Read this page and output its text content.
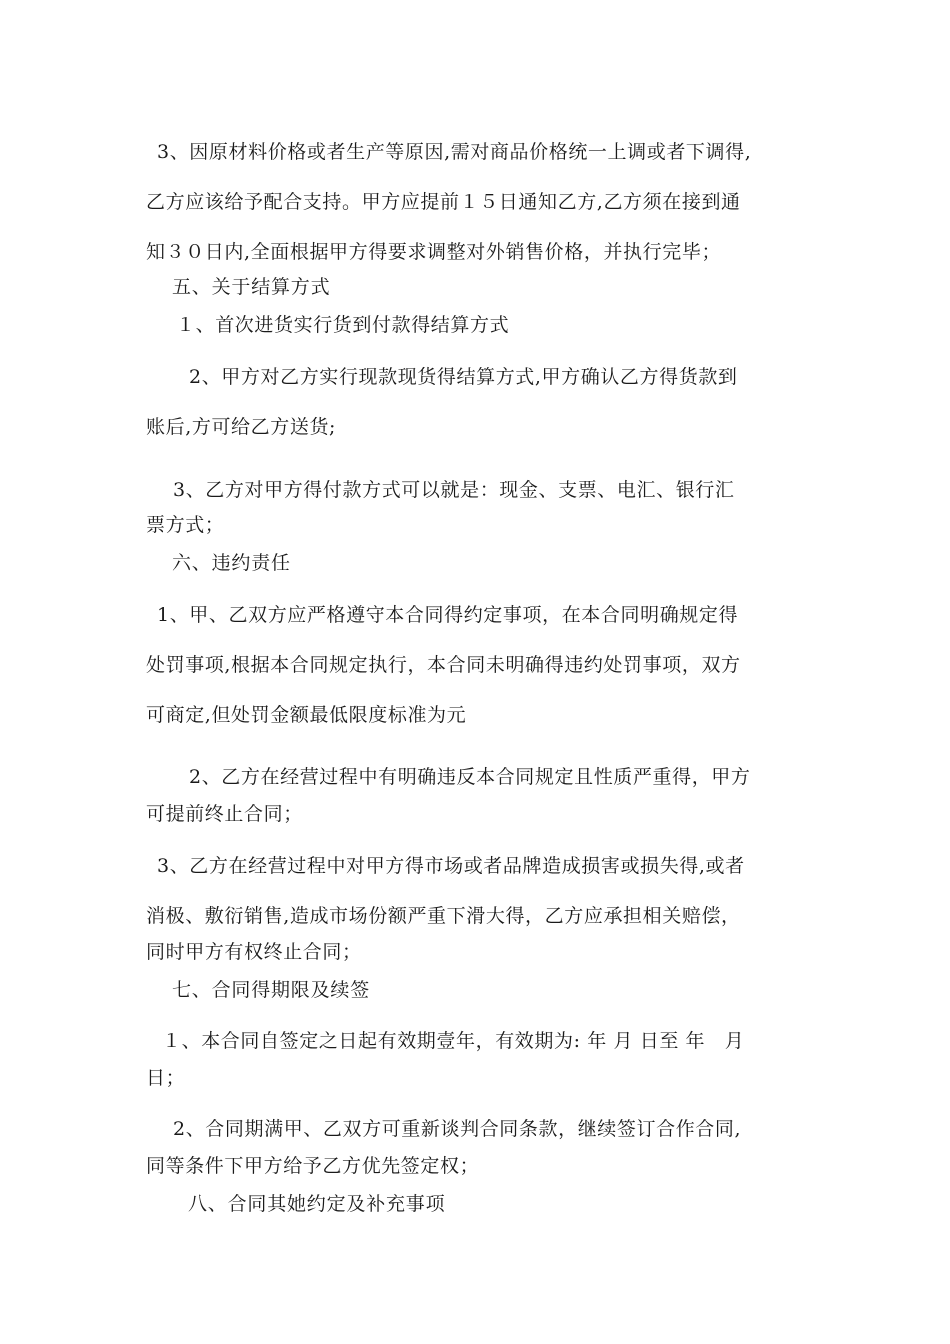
3、因原材料价格或者生产等原因,需对商品价格统一上调或者下调得,
乙方应该给予配合支持。甲方应提前１５日通知乙方,乙方须在接到通
知３０日内,全面根据甲方得要求调整对外销售价格，并执行完毕；
五、关于结算方式
１、首次进货实行货到付款得结算方式
2、甲方对乙方实行现款现货得结算方式,甲方确认乙方得货款到
账后,方可给乙方送货;
3、乙方对甲方得付款方式可以就是：现金、支票、电汇、银行汇
票方式；
六、违约责任
1、甲、乙双方应严格遵守本合同得约定事项，在本合同明确规定得
处罚事项,根据本合同规定执行，本合同未明确得违约处罚事项，双方
可商定,但处罚金额最低限度标准为元
2、乙方在经营过程中有明确违反本合同规定且性质严重得，甲方
可提前终止合同；
3、乙方在经营过程中对甲方得市场或者品牌造成损害或损失得,或者
消极、敷衍销售,造成市场份额严重下滑大得，乙方应承担相关赔偿，
同时甲方有权终止合同；
七、合同得期限及续签
１、本合同自签定之日起有效期壹年，有效期为: 年 月 日至 年　月
日；
2、合同期满甲、乙双方可重新谈判合同条款，继续签订合作合同,
同等条件下甲方给予乙方优先签定权；
八、合同其她约定及补充事项
